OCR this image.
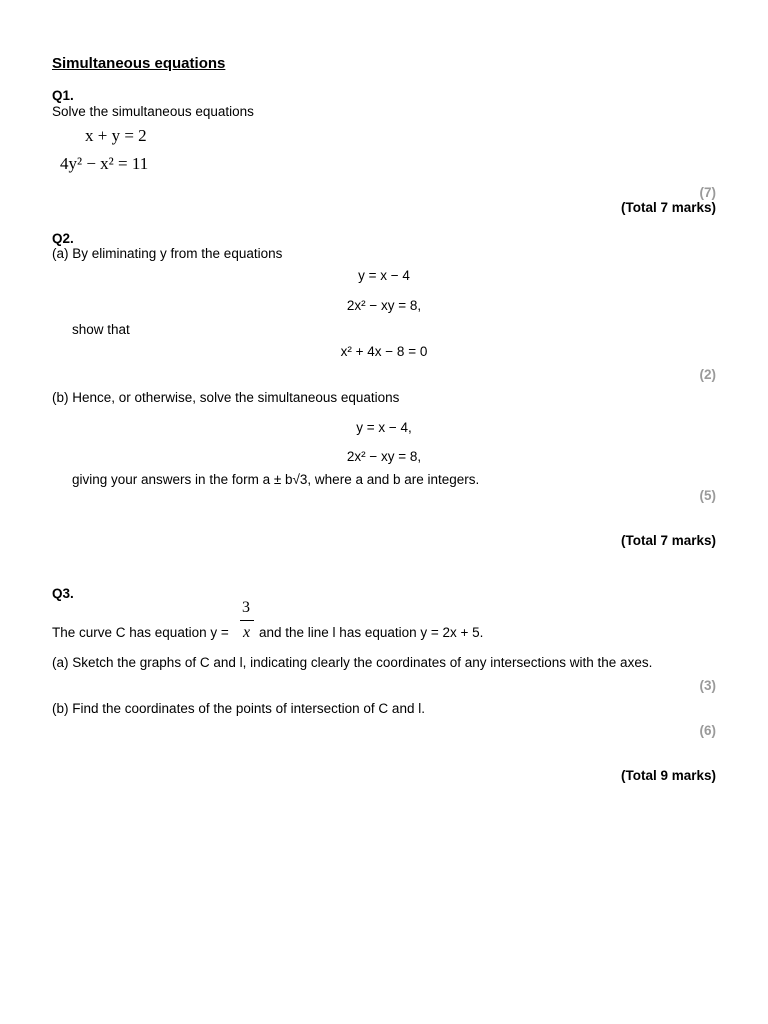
Simultaneous equations
Q1.
Solve the simultaneous equations
x + y = 2
4y² − x² = 11
(7)
(Total 7 marks)
Q2.
(a) By eliminating y from the equations
y = x − 4
2x² − xy = 8,
show that
x² + 4x − 8 = 0
(2)
(b) Hence, or otherwise, solve the simultaneous equations
y = x − 4,
2x² − xy = 8,
giving your answers in the form a ± b√3, where a and b are integers.
(5)
(Total 7 marks)
Q3.
3
The curve C has equation y = x and the line l has equation y = 2x + 5.
(a) Sketch the graphs of C and l, indicating clearly the coordinates of any intersections with the axes.
(3)
(b) Find the coordinates of the points of intersection of C and l.
(6)
(Total 9 marks)
